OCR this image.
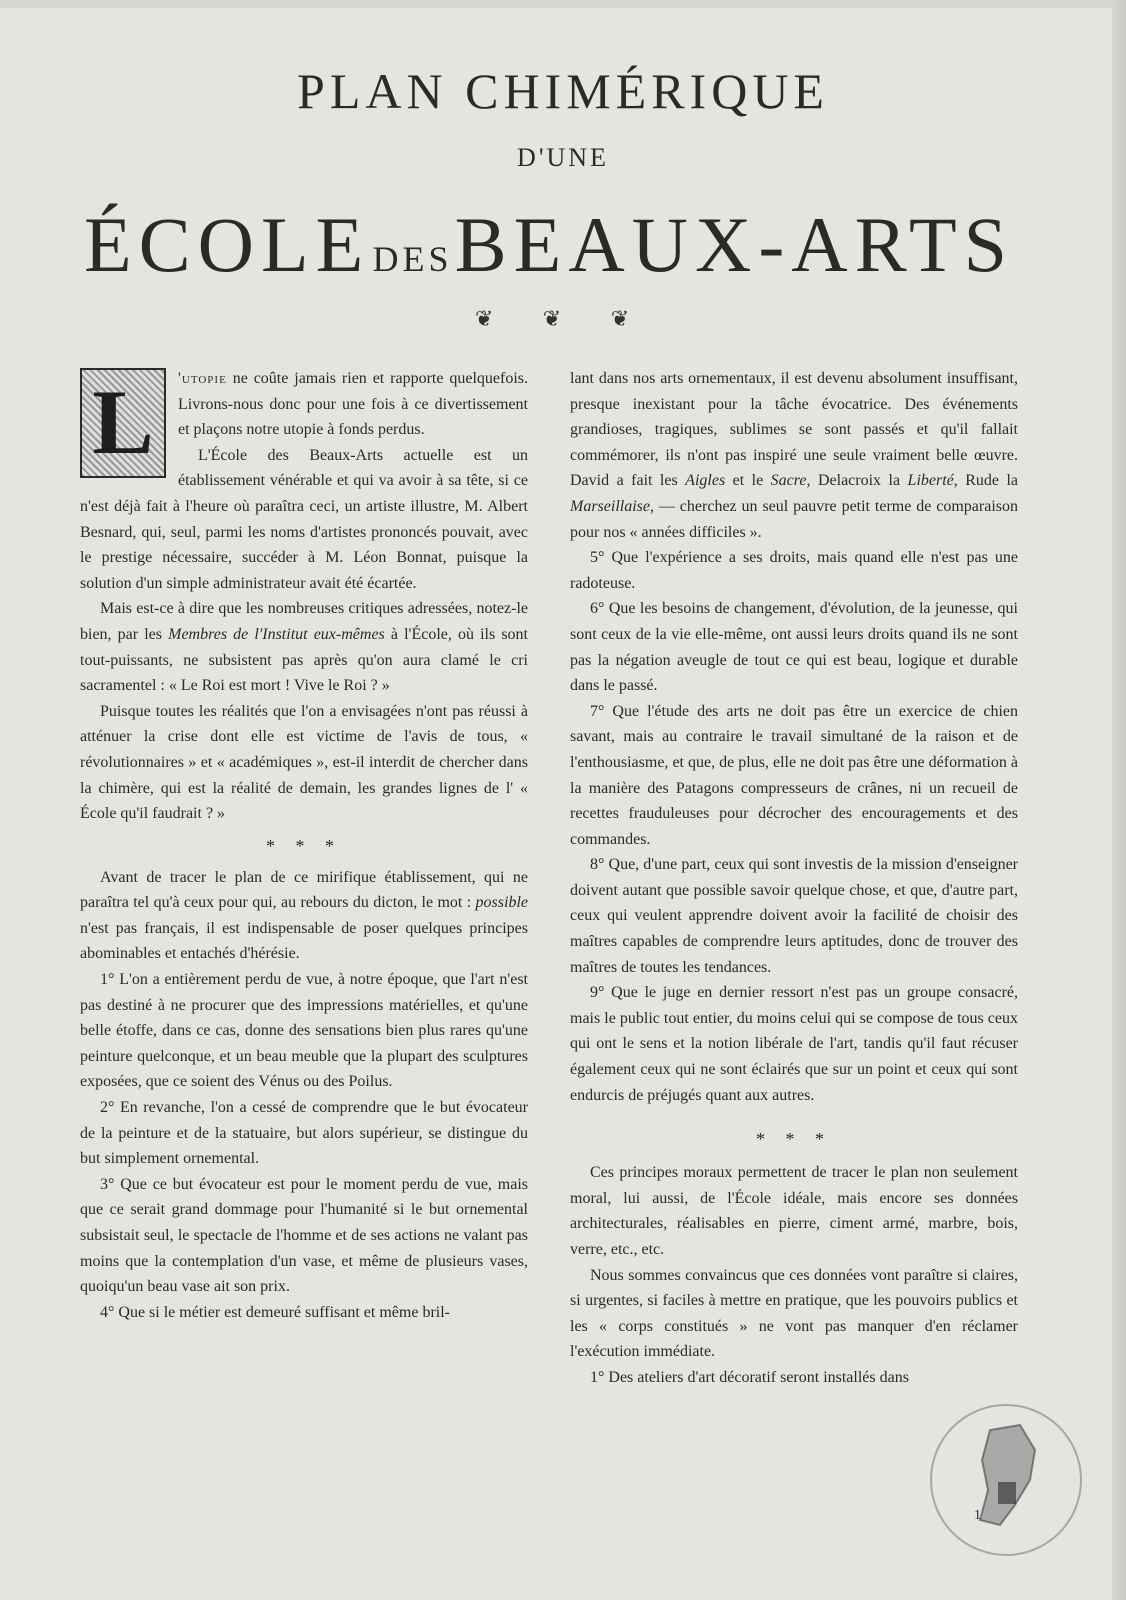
PLAN CHIMÉRIQUE
D'UNE
ÉCOLE DES BEAUX-ARTS
❦ ❦ ❦

L	'utopie ne coûte jamais rien et rapporte quelquefois. Livrons-nous donc pour une fois à ce divertissement et plaçons notre utopie à fonds perdus.

L'École des Beaux-Arts actuelle est un établissement vénérable et qui va avoir à sa tête, si ce n'est déjà fait à l'heure où paraîtra ceci, un artiste illustre, M. Albert Besnard, qui, seul, parmi les noms d'artistes prononcés pouvait, avec le prestige nécessaire, succéder à M. Léon Bonnat, puisque la solution d'un simple administrateur avait été écartée.

Mais est-ce à dire que les nombreuses critiques adressées, notez-le bien, par les Membres de l'Institut eux-mêmes à l'École, où ils sont tout-puissants, ne subsistent pas après qu'on aura clamé le cri sacramentel : « Le Roi est mort ! Vive le Roi ? »

Puisque toutes les réalités que l'on a envisagées n'ont pas réussi à atténuer la crise dont elle est victime de l'avis de tous, « révolutionnaires » et « académiques », est-il interdit de chercher dans la chimère, qui est la réalité de demain, les grandes lignes de l' « École qu'il faudrait ? »

* * *

Avant de tracer le plan de ce mirifique établissement, qui ne paraîtra tel qu'à ceux pour qui, au rebours du dicton, le mot : possible n'est pas français, il est indispensable de poser quelques principes abominables et entachés d'hérésie.

1° L'on a entièrement perdu de vue, à notre époque, que l'art n'est pas destiné à ne procurer que des impressions matérielles, et qu'une belle étoffe, dans ce cas, donne des sensations bien plus rares qu'une peinture quelconque, et un beau meuble que la plupart des sculptures exposées, que ce soient des Vénus ou des Poilus.

2° En revanche, l'on a cessé de comprendre que le but évocateur de la peinture et de la statuaire, but alors supérieur, se distingue du but simplement ornemental.

3° Que ce but évocateur est pour le moment perdu de vue, mais que ce serait grand dommage pour l'humanité si le but ornemental subsistait seul, le spectacle de l'homme et de ses actions ne valant pas moins que la contemplation d'un vase, et même de plusieurs vases, quoiqu'un beau vase ait son prix.

4° Que si le métier est demeuré suffisant et même bril-

lant dans nos arts ornementaux, il est devenu absolument insuffisant, presque inexistant pour la tâche évocatrice. Des événements grandioses, tragiques, sublimes se sont passés et qu'il fallait commémorer, ils n'ont pas inspiré une seule vraiment belle œuvre. David a fait les Aigles et le Sacre, Delacroix la Liberté, Rude la Marseillaise, — cherchez un seul pauvre petit terme de comparaison pour nos « années difficiles ».

5° Que l'expérience a ses droits, mais quand elle n'est pas une radoteuse.

6° Que les besoins de changement, d'évolution, de la jeunesse, qui sont ceux de la vie elle-même, ont aussi leurs droits quand ils ne sont pas la négation aveugle de tout ce qui est beau, logique et durable dans le passé.

7° Que l'étude des arts ne doit pas être un exercice de chien savant, mais au contraire le travail simultané de la raison et de l'enthousiasme, et que, de plus, elle ne doit pas être une déformation à la manière des Patagons compresseurs de crânes, ni un recueil de recettes frauduleuses pour décrocher des encouragements et des commandes.

8° Que, d'une part, ceux qui sont investis de la mission d'enseigner doivent autant que possible savoir quelque chose, et que, d'autre part, ceux qui veulent apprendre doivent avoir la facilité de choisir des maîtres capables de comprendre leurs aptitudes, donc de trouver des maîtres de toutes les tendances.

9° Que le juge en dernier ressort n'est pas un groupe consacré, mais le public tout entier, du moins celui qui se compose de tous ceux qui ont le sens et la notion libérale de l'art, tandis qu'il faut récuser également ceux qui ne sont éclairés que sur un point et ceux qui sont endurcis de préjugés quant aux autres.

* * *

Ces principes moraux permettent de tracer le plan non seulement moral, lui aussi, de l'École idéale, mais encore ses données architecturales, réalisables en pierre, ciment armé, marbre, bois, verre, etc., etc.

Nous sommes convaincus que ces données vont paraître si claires, si urgentes, si faciles à mettre en pratique, que les pouvoirs publics et les « corps constitués » ne vont pas manquer d'en réclamer l'exécution immédiate.

1° Des ateliers d'art décoratif seront installés dans

1
